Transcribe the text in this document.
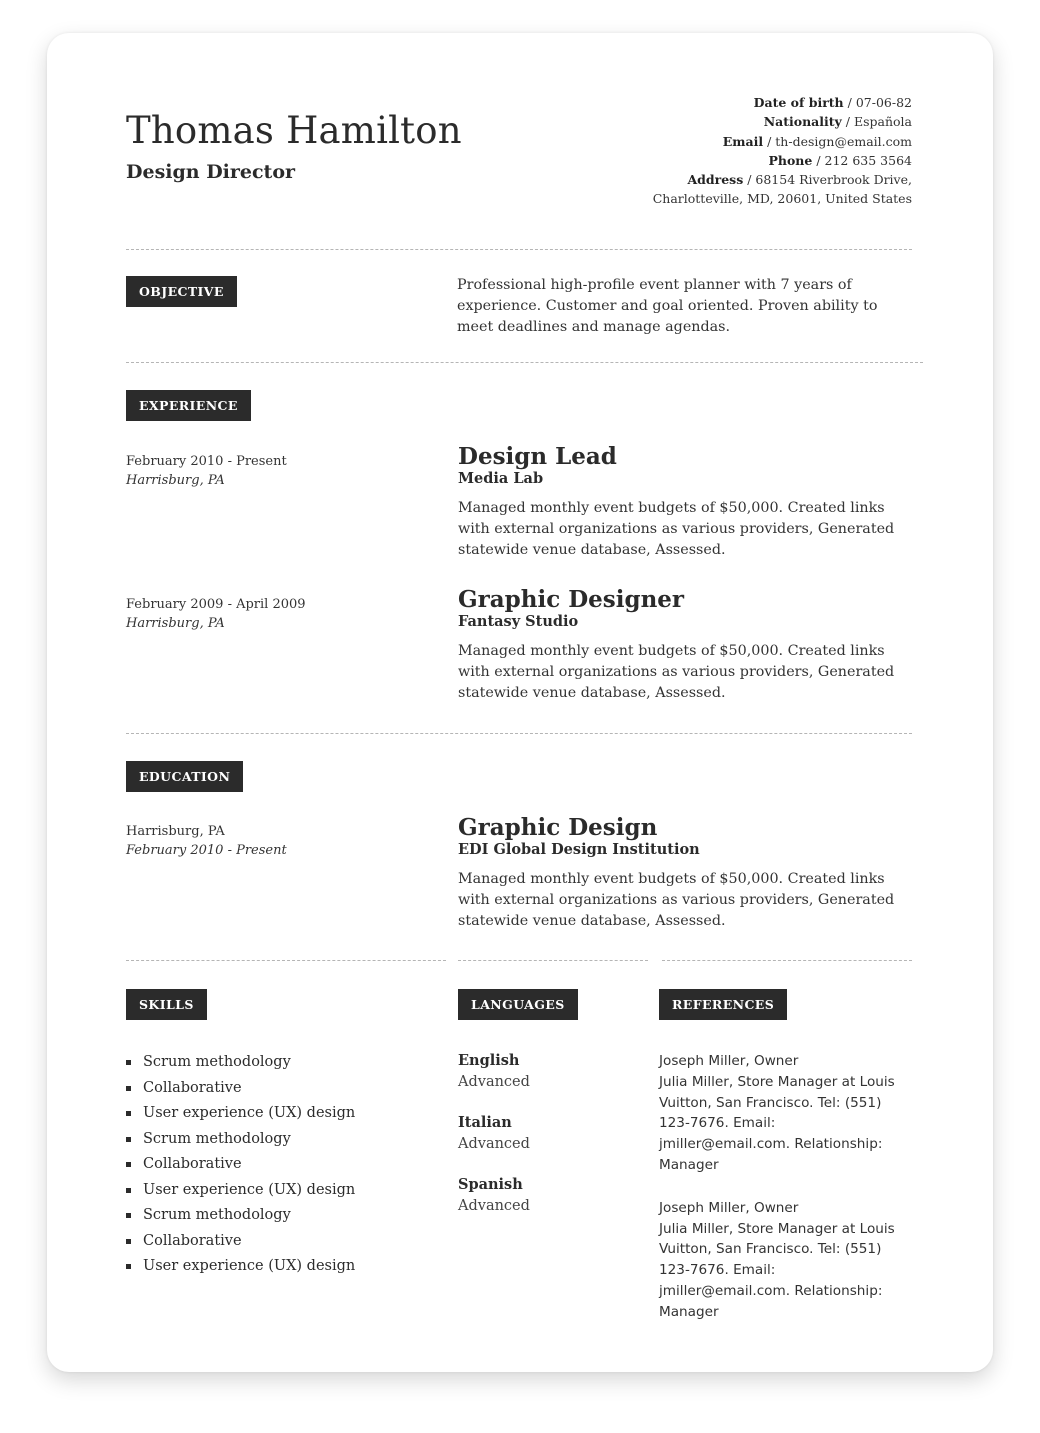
Thomas Hamilton
Design Director
Date of birth / 07-06-82
Nationality / Española
Email / th-design@email.com
Phone / 212 635 3564
Address / 68154 Riverbrook Drive,
Charlotteville, MD, 20601, United States
OBJECTIVE	Professional high-profile event planner with 7 years of experience. Customer and goal oriented. Proven ability to meet deadlines and manage agendas.
EXPERIENCE
February 2010 - Present
Harrisburg, PA
Design Lead
Media Lab
Managed monthly event budgets of $50,000. Created links with external organizations as various providers, Generated statewide venue database, Assessed.
February 2009 - April 2009
Harrisburg, PA
Graphic Designer
Fantasy Studio
Managed monthly event budgets of $50,000. Created links with external organizations as various providers, Generated statewide venue database, Assessed.
EDUCATION
Harrisburg, PA
February 2010 - Present
Graphic Design
EDI Global Design Institution
Managed monthly event budgets of $50,000. Created links with external organizations as various providers, Generated statewide venue database, Assessed.
SKILLS
Scrum methodology
Collaborative
User experience (UX) design
Scrum methodology
Collaborative
User experience (UX) design
Scrum methodology
Collaborative
User experience (UX) design
LANGUAGES
English
Advanced
Italian
Advanced
Spanish
Advanced
REFERENCES
Joseph Miller, Owner
Julia Miller, Store Manager at Louis Vuitton, San Francisco. Tel: (551) 123-7676. Email: jmiller@email.com. Relationship: Manager
Joseph Miller, Owner
Julia Miller, Store Manager at Louis Vuitton, San Francisco. Tel: (551) 123-7676. Email: jmiller@email.com. Relationship: Manager
